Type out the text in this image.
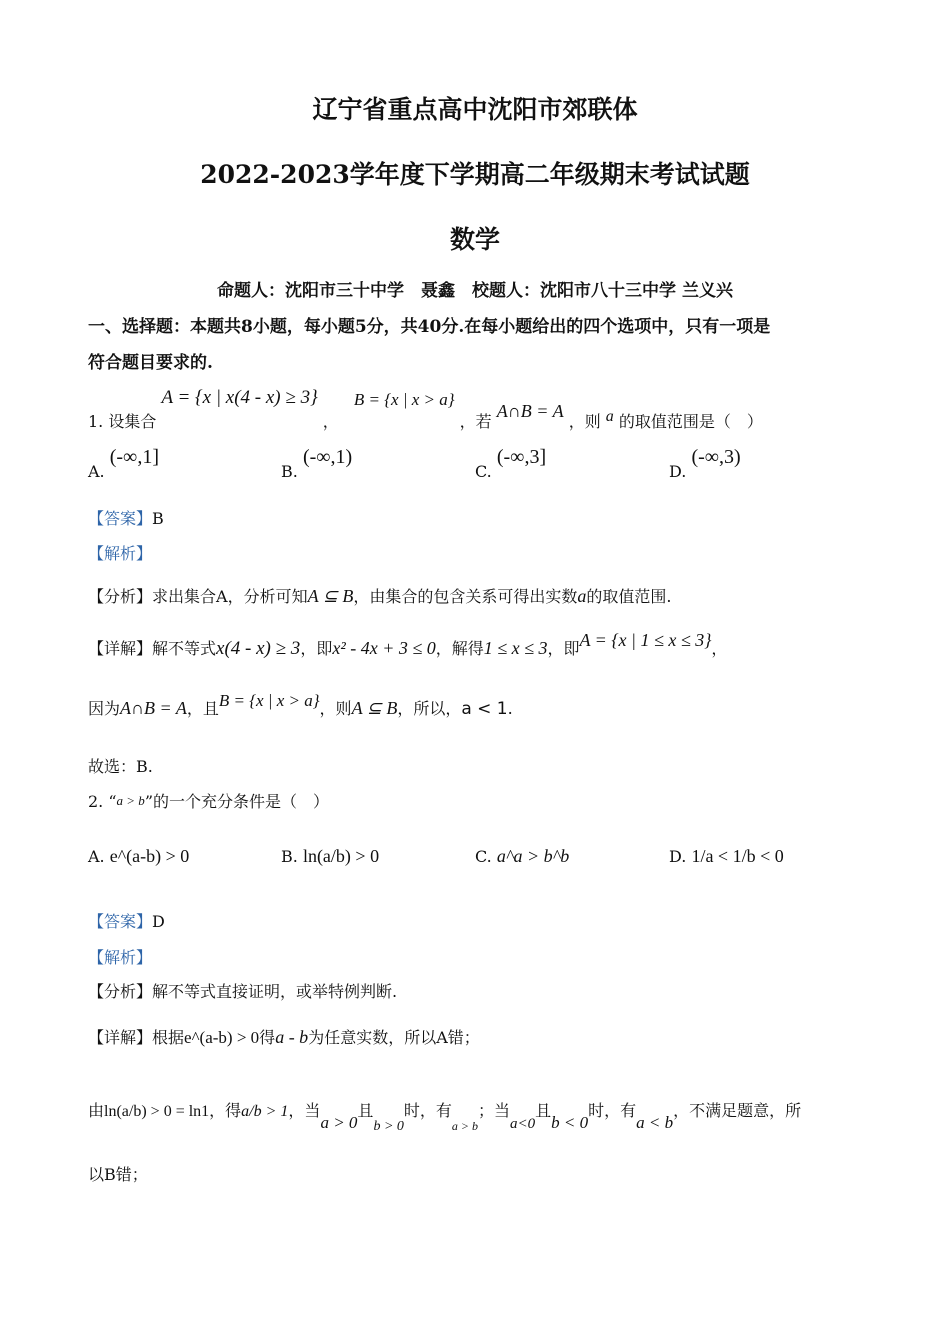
辽宁省重点高中沈阳市郊联体
2022-2023学年度下学期高二年级期末考试试题
数学
命题人：沈阳市三十中学　聂鑫　校题人：沈阳市八十三中学 兰义兴
一、选择题：本题共8小题，每小题5分，共40分.在每小题给出的四个选项中，只有一项是
符合题目要求的.
1. 设集合 A = {x | x(4 - x) ≥ 3} ， B = {x | x > a} ，若 A∩B = A ，则 a 的取值范围是（　）
A. (-∞,1]
B. (-∞,1)
C. (-∞,3]
D. (-∞,3)
【答案】B
【解析】
【分析】求出集合A，分析可知A ⊆ B，由集合的包含关系可得出实数a的取值范围.
【详解】解不等式x(4 - x) ≥ 3，即x² - 4x + 3 ≤ 0，解得1 ≤ x ≤ 3，即A = {x | 1 ≤ x ≤ 3}，
因为A∩B = A，且B = {x | x > a}，则A ⊆ B，所以，a < 1.
故选：B.
2. “a > b”的一个充分条件是（　）
A. e^(a-b) > 0	B. ln(a/b) > 0	C. a^a > b^b	D. 1/a < 1/b < 0
【答案】D
【解析】
【分析】解不等式直接证明，或举特例判断.
【详解】根据e^(a-b) > 0得a - b为任意实数，所以A错；
由ln(a/b) > 0 = ln1，得a/b > 1，当a > 0且b > 0时，有$_{a > b}$；当a<0且b < 0时，有a < b，不满足题意，所
以B错；
